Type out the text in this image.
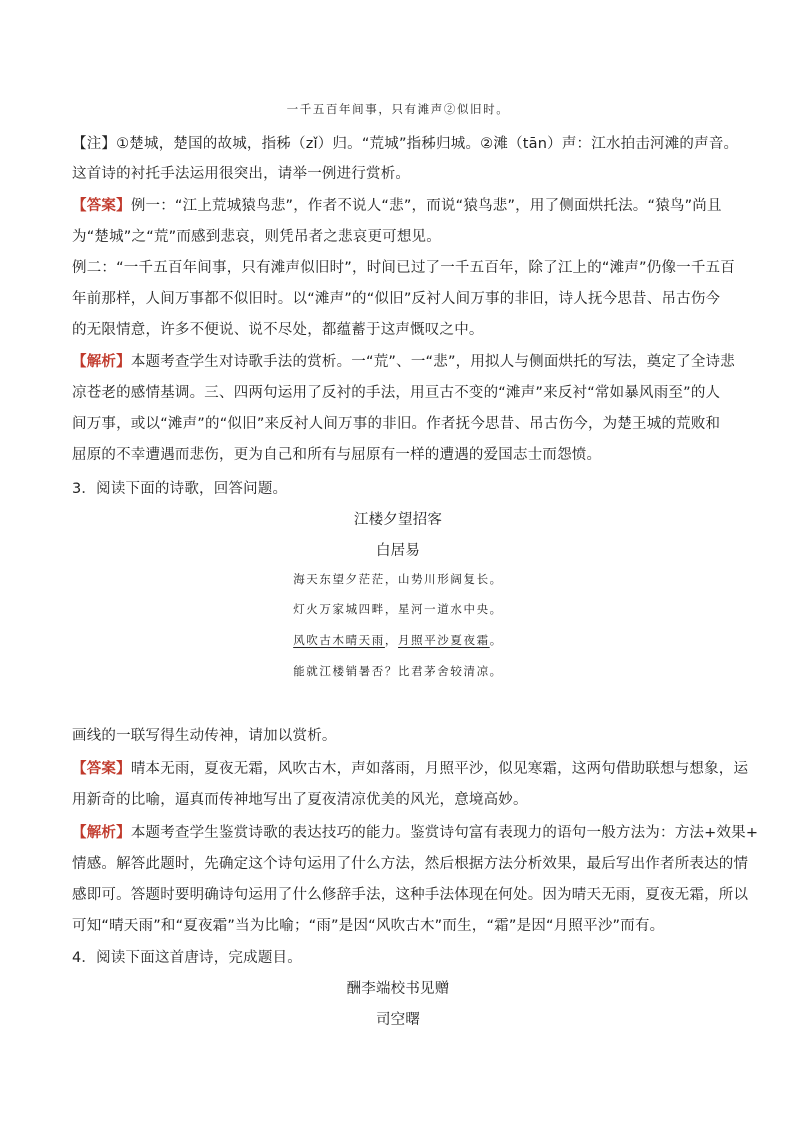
一千五百年间事，只有滩声②似旧时。
【注】①楚城，楚国的故城，指秭（zǐ）归。“荒城”指秭归城。②滩（tān）声：江水拍击河滩的声音。
这首诗的衬托手法运用很突出，请举一例进行赏析。
【答案】例一：“江上荒城猿鸟悲”，作者不说人“悲”，而说“猿鸟悲”，用了侧面烘托法。“猿鸟”尚且
为“楚城”之“荒”而感到悲哀，则凭吊者之悲哀更可想见。
例二：“一千五百年间事，只有滩声似旧时”，时间已过了一千五百年，除了江上的“滩声”仍像一千五百
年前那样，人间万事都不似旧时。以“滩声”的“似旧”反衬人间万事的非旧，诗人抚今思昔、吊古伤今
的无限情意，许多不便说、说不尽处，都蕴蓄于这声慨叹之中。
【解析】本题考查学生对诗歌手法的赏析。一“荒”、一“悲”，用拟人与侧面烘托的写法，奠定了全诗悲
凉苍老的感情基调。三、四两句运用了反衬的手法，用亘古不变的“滩声”来反衬“常如暴风雨至”的人
间万事，或以“滩声”的“似旧”来反衬人间万事的非旧。作者抚今思昔、吊古伤今，为楚王城的荒败和
屈原的不幸遭遇而悲伤，更为自己和所有与屈原有一样的遭遇的爱国志士而怨愤。
3．阅读下面的诗歌，回答问题。
江楼夕望招客
白居易
海天东望夕茫茫，山势川形阔复长。
灯火万家城四畔，星河一道水中央。
风吹古木晴天雨，月照平沙夏夜霜。
能就江楼销暑否？比君茅舍较清凉。
画线的一联写得生动传神，请加以赏析。
【答案】晴本无雨，夏夜无霜，风吹古木，声如落雨，月照平沙，似见寒霜，这两句借助联想与想象，运
用新奇的比喻，逼真而传神地写出了夏夜清凉优美的风光，意境高妙。
【解析】本题考查学生鉴赏诗歌的表达技巧的能力。鉴赏诗句富有表现力的语句一般方法为：方法+效果+
情感。解答此题时，先确定这个诗句运用了什么方法，然后根据方法分析效果，最后写出作者所表达的情
感即可。答题时要明确诗句运用了什么修辞手法，这种手法体现在何处。因为晴天无雨，夏夜无霜，所以
可知“晴天雨”和“夏夜霜”当为比喻；“雨”是因“风吹古木”而生，“霜”是因“月照平沙”而有。
4．阅读下面这首唐诗，完成题目。
酬李端校书见赠
司空曙
